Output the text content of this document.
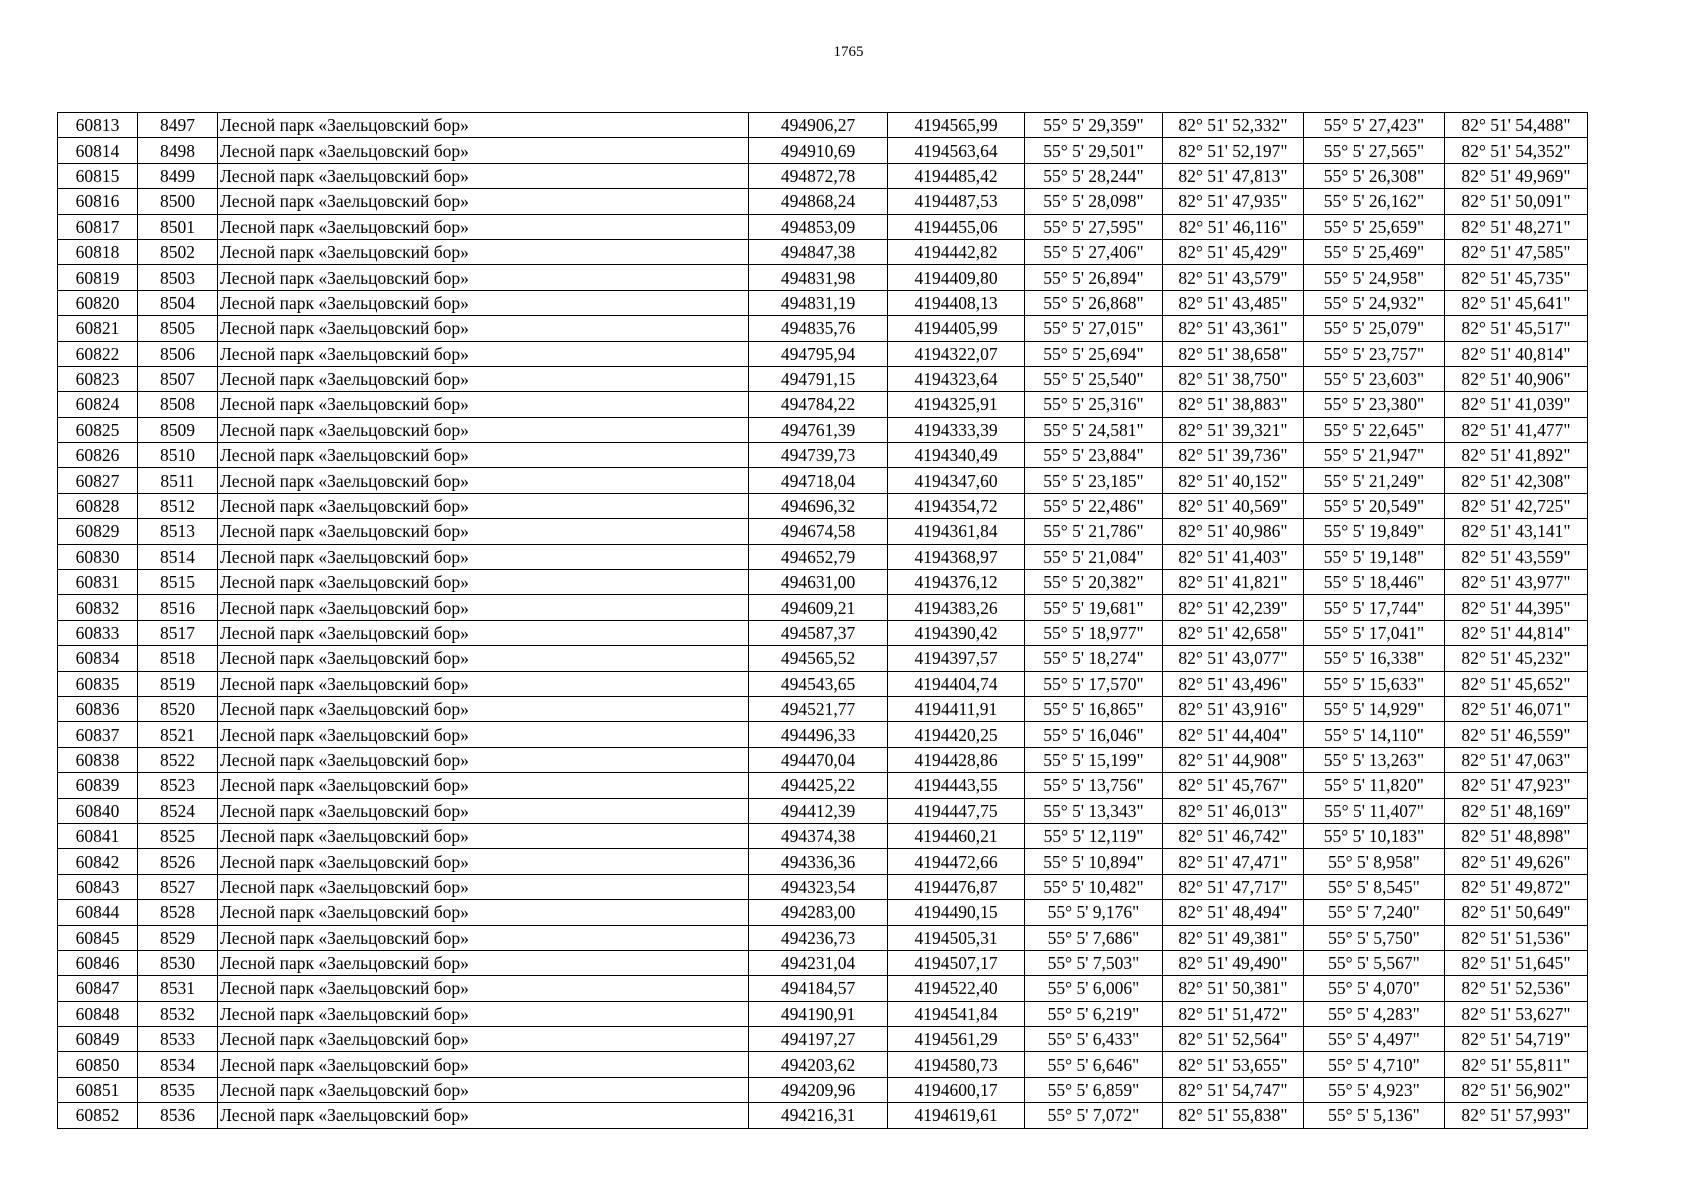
1765
60813	8497	Лесной парк «Заельцовский бор»	494906,27	4194565,99	55° 5' 29,359"	82° 51' 52,332"	55° 5' 27,423"	82° 51' 54,488"
60814	8498	Лесной парк «Заельцовский бор»	494910,69	4194563,64	55° 5' 29,501"	82° 51' 52,197"	55° 5' 27,565"	82° 51' 54,352"
60815	8499	Лесной парк «Заельцовский бор»	494872,78	4194485,42	55° 5' 28,244"	82° 51' 47,813"	55° 5' 26,308"	82° 51' 49,969"
60816	8500	Лесной парк «Заельцовский бор»	494868,24	4194487,53	55° 5' 28,098"	82° 51' 47,935"	55° 5' 26,162"	82° 51' 50,091"
60817	8501	Лесной парк «Заельцовский бор»	494853,09	4194455,06	55° 5' 27,595"	82° 51' 46,116"	55° 5' 25,659"	82° 51' 48,271"
60818	8502	Лесной парк «Заельцовский бор»	494847,38	4194442,82	55° 5' 27,406"	82° 51' 45,429"	55° 5' 25,469"	82° 51' 47,585"
60819	8503	Лесной парк «Заельцовский бор»	494831,98	4194409,80	55° 5' 26,894"	82° 51' 43,579"	55° 5' 24,958"	82° 51' 45,735"
60820	8504	Лесной парк «Заельцовский бор»	494831,19	4194408,13	55° 5' 26,868"	82° 51' 43,485"	55° 5' 24,932"	82° 51' 45,641"
60821	8505	Лесной парк «Заельцовский бор»	494835,76	4194405,99	55° 5' 27,015"	82° 51' 43,361"	55° 5' 25,079"	82° 51' 45,517"
60822	8506	Лесной парк «Заельцовский бор»	494795,94	4194322,07	55° 5' 25,694"	82° 51' 38,658"	55° 5' 23,757"	82° 51' 40,814"
60823	8507	Лесной парк «Заельцовский бор»	494791,15	4194323,64	55° 5' 25,540"	82° 51' 38,750"	55° 5' 23,603"	82° 51' 40,906"
60824	8508	Лесной парк «Заельцовский бор»	494784,22	4194325,91	55° 5' 25,316"	82° 51' 38,883"	55° 5' 23,380"	82° 51' 41,039"
60825	8509	Лесной парк «Заельцовский бор»	494761,39	4194333,39	55° 5' 24,581"	82° 51' 39,321"	55° 5' 22,645"	82° 51' 41,477"
60826	8510	Лесной парк «Заельцовский бор»	494739,73	4194340,49	55° 5' 23,884"	82° 51' 39,736"	55° 5' 21,947"	82° 51' 41,892"
60827	8511	Лесной парк «Заельцовский бор»	494718,04	4194347,60	55° 5' 23,185"	82° 51' 40,152"	55° 5' 21,249"	82° 51' 42,308"
60828	8512	Лесной парк «Заельцовский бор»	494696,32	4194354,72	55° 5' 22,486"	82° 51' 40,569"	55° 5' 20,549"	82° 51' 42,725"
60829	8513	Лесной парк «Заельцовский бор»	494674,58	4194361,84	55° 5' 21,786"	82° 51' 40,986"	55° 5' 19,849"	82° 51' 43,141"
60830	8514	Лесной парк «Заельцовский бор»	494652,79	4194368,97	55° 5' 21,084"	82° 51' 41,403"	55° 5' 19,148"	82° 51' 43,559"
60831	8515	Лесной парк «Заельцовский бор»	494631,00	4194376,12	55° 5' 20,382"	82° 51' 41,821"	55° 5' 18,446"	82° 51' 43,977"
60832	8516	Лесной парк «Заельцовский бор»	494609,21	4194383,26	55° 5' 19,681"	82° 51' 42,239"	55° 5' 17,744"	82° 51' 44,395"
60833	8517	Лесной парк «Заельцовский бор»	494587,37	4194390,42	55° 5' 18,977"	82° 51' 42,658"	55° 5' 17,041"	82° 51' 44,814"
60834	8518	Лесной парк «Заельцовский бор»	494565,52	4194397,57	55° 5' 18,274"	82° 51' 43,077"	55° 5' 16,338"	82° 51' 45,232"
60835	8519	Лесной парк «Заельцовский бор»	494543,65	4194404,74	55° 5' 17,570"	82° 51' 43,496"	55° 5' 15,633"	82° 51' 45,652"
60836	8520	Лесной парк «Заельцовский бор»	494521,77	4194411,91	55° 5' 16,865"	82° 51' 43,916"	55° 5' 14,929"	82° 51' 46,071"
60837	8521	Лесной парк «Заельцовский бор»	494496,33	4194420,25	55° 5' 16,046"	82° 51' 44,404"	55° 5' 14,110"	82° 51' 46,559"
60838	8522	Лесной парк «Заельцовский бор»	494470,04	4194428,86	55° 5' 15,199"	82° 51' 44,908"	55° 5' 13,263"	82° 51' 47,063"
60839	8523	Лесной парк «Заельцовский бор»	494425,22	4194443,55	55° 5' 13,756"	82° 51' 45,767"	55° 5' 11,820"	82° 51' 47,923"
60840	8524	Лесной парк «Заельцовский бор»	494412,39	4194447,75	55° 5' 13,343"	82° 51' 46,013"	55° 5' 11,407"	82° 51' 48,169"
60841	8525	Лесной парк «Заельцовский бор»	494374,38	4194460,21	55° 5' 12,119"	82° 51' 46,742"	55° 5' 10,183"	82° 51' 48,898"
60842	8526	Лесной парк «Заельцовский бор»	494336,36	4194472,66	55° 5' 10,894"	82° 51' 47,471"	55° 5' 8,958"	82° 51' 49,626"
60843	8527	Лесной парк «Заельцовский бор»	494323,54	4194476,87	55° 5' 10,482"	82° 51' 47,717"	55° 5' 8,545"	82° 51' 49,872"
60844	8528	Лесной парк «Заельцовский бор»	494283,00	4194490,15	55° 5' 9,176"	82° 51' 48,494"	55° 5' 7,240"	82° 51' 50,649"
60845	8529	Лесной парк «Заельцовский бор»	494236,73	4194505,31	55° 5' 7,686"	82° 51' 49,381"	55° 5' 5,750"	82° 51' 51,536"
60846	8530	Лесной парк «Заельцовский бор»	494231,04	4194507,17	55° 5' 7,503"	82° 51' 49,490"	55° 5' 5,567"	82° 51' 51,645"
60847	8531	Лесной парк «Заельцовский бор»	494184,57	4194522,40	55° 5' 6,006"	82° 51' 50,381"	55° 5' 4,070"	82° 51' 52,536"
60848	8532	Лесной парк «Заельцовский бор»	494190,91	4194541,84	55° 5' 6,219"	82° 51' 51,472"	55° 5' 4,283"	82° 51' 53,627"
60849	8533	Лесной парк «Заельцовский бор»	494197,27	4194561,29	55° 5' 6,433"	82° 51' 52,564"	55° 5' 4,497"	82° 51' 54,719"
60850	8534	Лесной парк «Заельцовский бор»	494203,62	4194580,73	55° 5' 6,646"	82° 51' 53,655"	55° 5' 4,710"	82° 51' 55,811"
60851	8535	Лесной парк «Заельцовский бор»	494209,96	4194600,17	55° 5' 6,859"	82° 51' 54,747"	55° 5' 4,923"	82° 51' 56,902"
60852	8536	Лесной парк «Заельцовский бор»	494216,31	4194619,61	55° 5' 7,072"	82° 51' 55,838"	55° 5' 5,136"	82° 51' 57,993"
